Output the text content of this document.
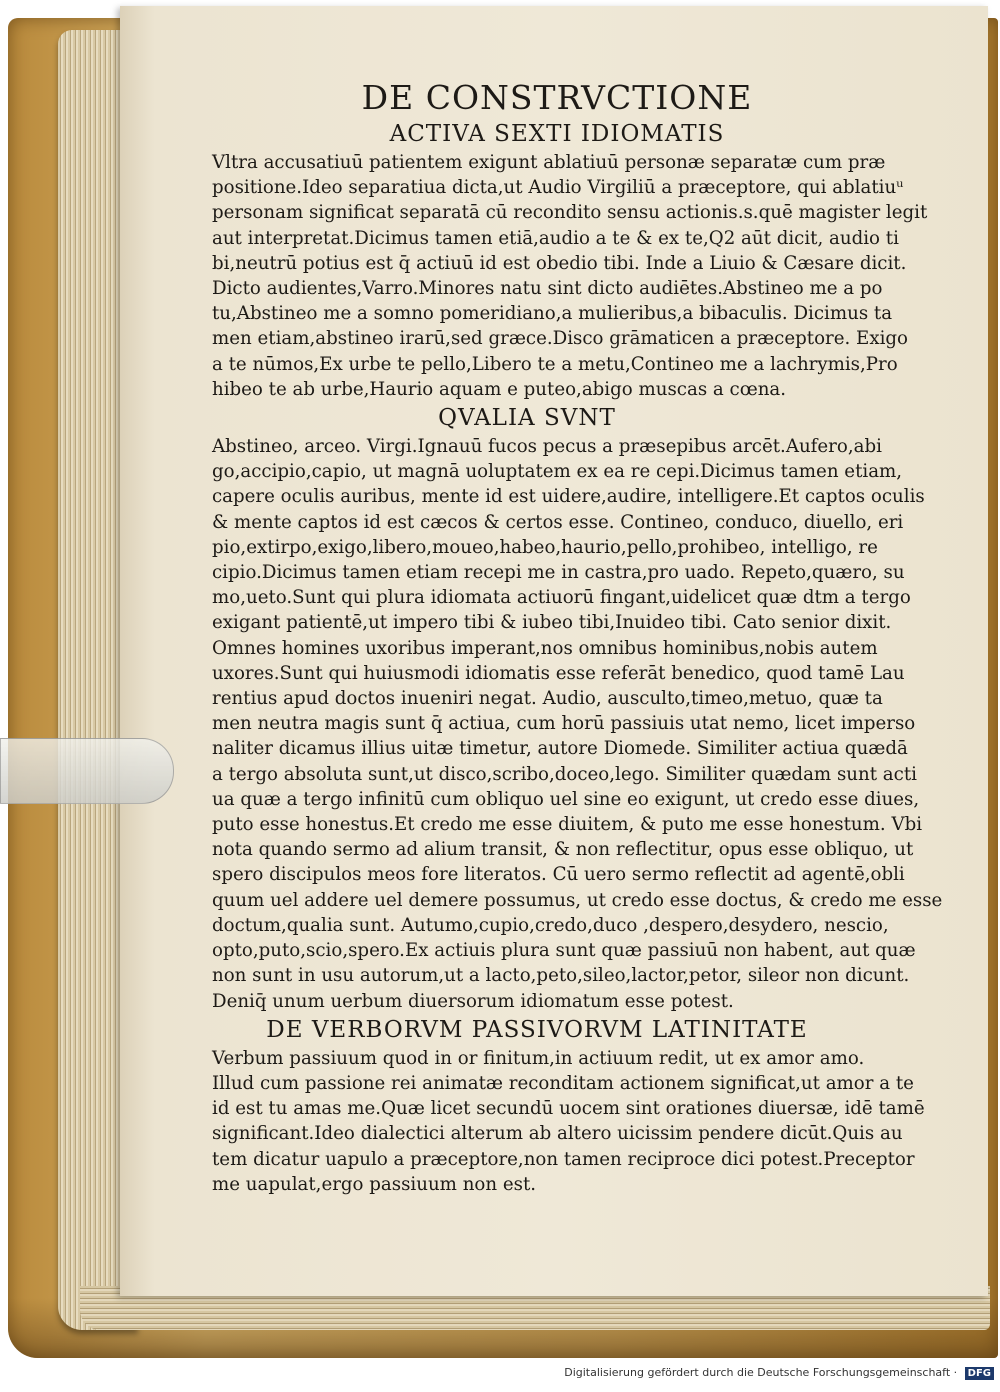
DE CONSTRVCTIONE
ACTIVA SEXTI IDIOMATIS
Vltra accusatiuū patientem exigunt ablatiuū personæ separatæ cum præ
positione.Ideo separatiua dicta,ut Audio Virgiliū a præceptore, qui ablatiuᵘ
personam significat separatā cū recondito sensu actionis.s.quē magister legit
aut interpretat.Dicimus tamen etiā,audio a te & ex te,Q2 aūt dicit, audio ti
bi,neutrū potius est q̄ actiuū id est obedio tibi. Inde a Liuio & Cæsare dicit.
Dicto audientes,Varro.Minores natu sint dicto audiētes.Abstineo me a po
tu,Abstineo me a somno pomeridiano,a mulieribus,a bibaculis. Dicimus ta
men etiam,abstineo irarū,sed græce.Disco grāmaticen a præceptore. Exigo
a te nūmos,Ex urbe te pello,Libero te a metu,Contineo me a lachrymis,Pro
hibeo te ab urbe,Haurio aquam e puteo,abigo muscas a cœna.
QVALIA SVNT
Abstineo, arceo. Virgi.Ignauū fucos pecus a præsepibus arcēt.Aufero,abi
go,accipio,capio, ut magnā uoluptatem ex ea re cepi.Dicimus tamen etiam,
capere oculis auribus, mente id est uidere,audire, intelligere.Et captos oculis
& mente captos id est cæcos & certos esse. Contineo, conduco, diuello, eri
pio,extirpo,exigo,libero,moueo,habeo,haurio,pello,prohibeo, intelligo, re
cipio.Dicimus tamen etiam recepi me in castra,pro uado. Repeto,quæro, su
mo,ueto.Sunt qui plura idiomata actiuorū fingant,uidelicet quæ dtm a tergo
exigant patientē,ut impero tibi & iubeo tibi,Inuideo tibi. Cato senior dixit.
Omnes homines uxoribus imperant,nos omnibus hominibus,nobis autem
uxores.Sunt qui huiusmodi idiomatis esse referāt benedico, quod tamē Lau
rentius apud doctos inueniri negat. Audio, ausculto,timeo,metuo, quæ ta
men neutra magis sunt q̄ actiua, cum horū passiuis utat nemo, licet imperso
naliter dicamus illius uitæ timetur, autore Diomede. Similiter actiua quædā
a tergo absoluta sunt,ut disco,scribo,doceo,lego. Similiter quædam sunt acti
ua quæ a tergo infinitū cum obliquo uel sine eo exigunt, ut credo esse diues,
puto esse honestus.Et credo me esse diuitem, & puto me esse honestum. Vbi
nota quando sermo ad alium transit, & non reflectitur, opus esse obliquo, ut
spero discipulos meos fore literatos. Cū uero sermo reflectit ad agentē,obli
quum uel addere uel demere possumus, ut credo esse doctus, & credo me esse
doctum,qualia sunt. Autumo,cupio,credo,duco ,despero,desydero, nescio,
opto,puto,scio,spero.Ex actiuis plura sunt quæ passiuū non habent, aut quæ
non sunt in usu autorum,ut a lacto,peto,sileo,lactor,petor, sileor non dicunt.
Deniq̄ unum uerbum diuersorum idiomatum esse potest.
DE VERBORVM PASSIVORVM LATINITATE
Verbum passiuum quod in or finitum,in actiuum redit, ut ex amor amo.
Illud cum passione rei animatæ reconditam actionem significat,ut amor a te
id est tu amas me.Quæ licet secundū uocem sint orationes diuersæ, idē tamē
significant.Ideo dialectici alterum ab altero uicissim pendere dicūt.Quis au
tem dicatur uapulo a præceptore,non tamen reciproce dici potest.Preceptor
me uapulat,ergo passiuum non est.
Digitalisierung gefördert durch die Deutsche Forschungsgemeinschaft · DFG
